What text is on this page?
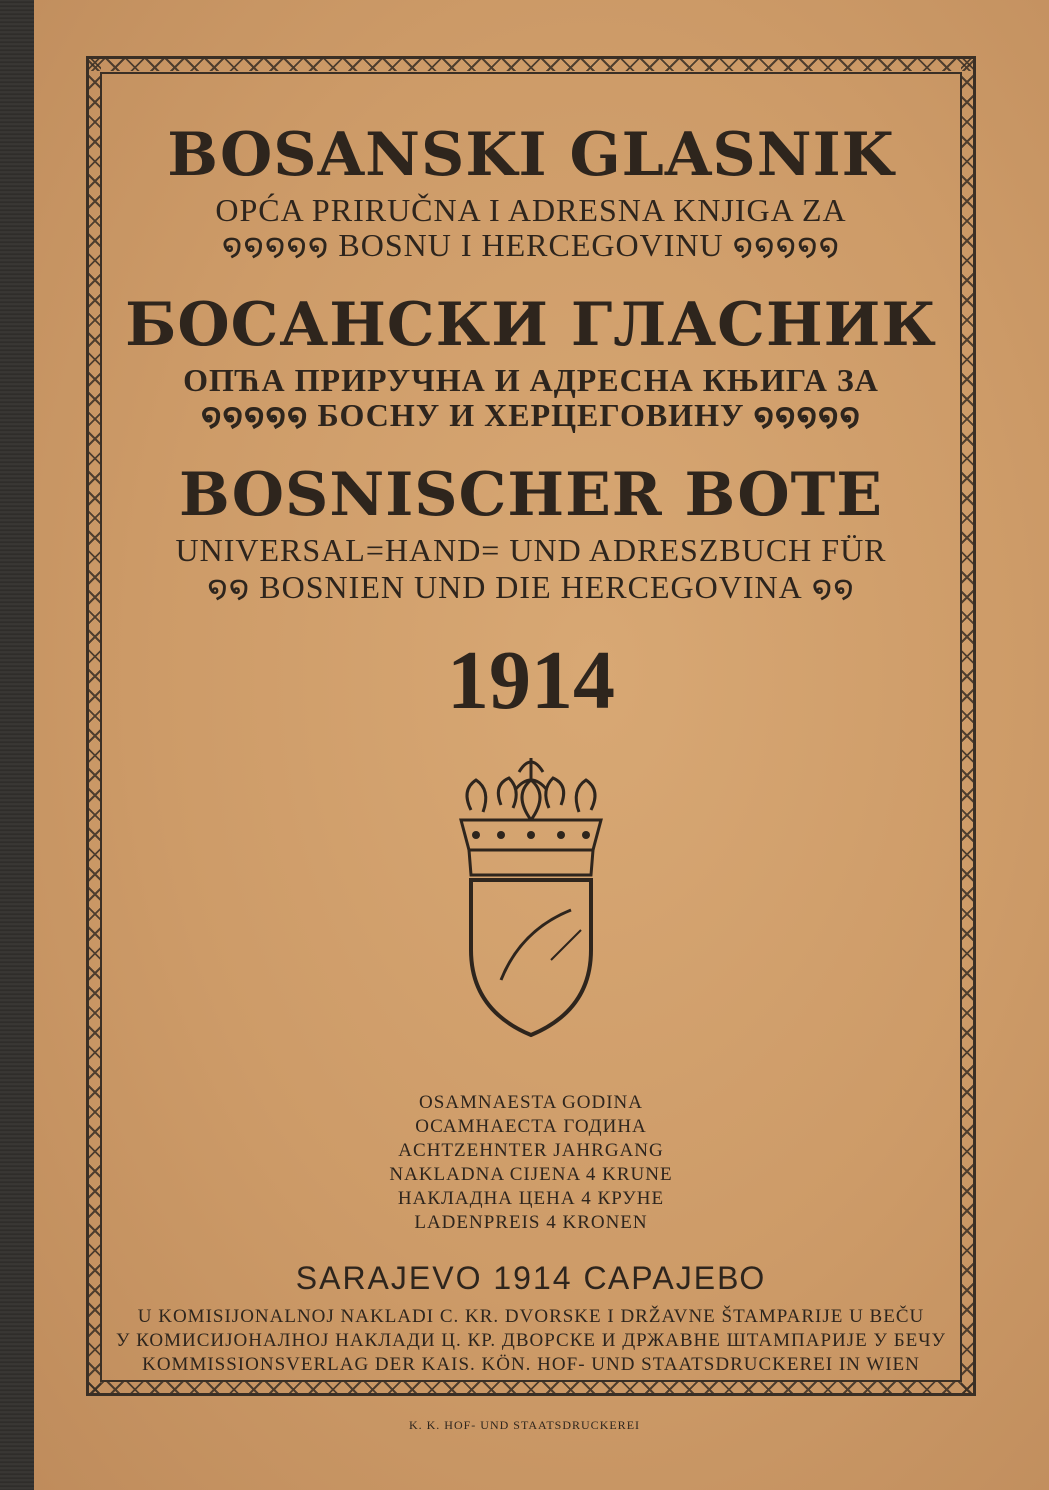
BOSANSKI GLASNIK
OPĆA PRIRUČNA I ADRESNA KNJIGA ZA
໑໑໑໑໑ BOSNU I HERCEGOVINU ໑໑໑໑໑
БОСАНСКИ ГЛАСНИК
ОПЋА ПРИРУЧНА И АДРЕСНА КЊИГА ЗА
໑໑໑໑໑ БОСНУ И ХЕРЦЕГОВИНУ ໑໑໑໑໑
BOSNISCHER BOTE
UNIVERSAL=HAND= UND ADRESZBUCH FÜR
໑໑ BOSNIEN UND DIE HERCEGOVINA ໑໑
1914
OSAMNAESTA GODINA
ОСАМНАЕСТА ГОДИНА
ACHTZEHNTER JAHRGANG
NAKLADNA CIJENA 4 KRUNE
НАКЛАДНА ЦЕНА 4 КРУНЕ
LADENPREIS 4 KRONEN
SARAJEVO 1914 САРАЈЕВО
U KOMISIJONALNOJ NAKLADI C. KR. DVORSKE I DRŽAVNE ŠTAMPARIJE U BEČU
У КОМИСИЈОНАЛНОЈ НАКЛАДИ Ц. КР. ДВОРСКЕ И ДРЖАВНЕ ШТАМПАРИЈЕ У БЕЧУ
KOMMISSIONSVERLAG DER KAIS. KÖN. HOF- UND STAATSDRUCKEREI IN WIEN
K. K. HOF- UND STAATSDRUCKEREI
